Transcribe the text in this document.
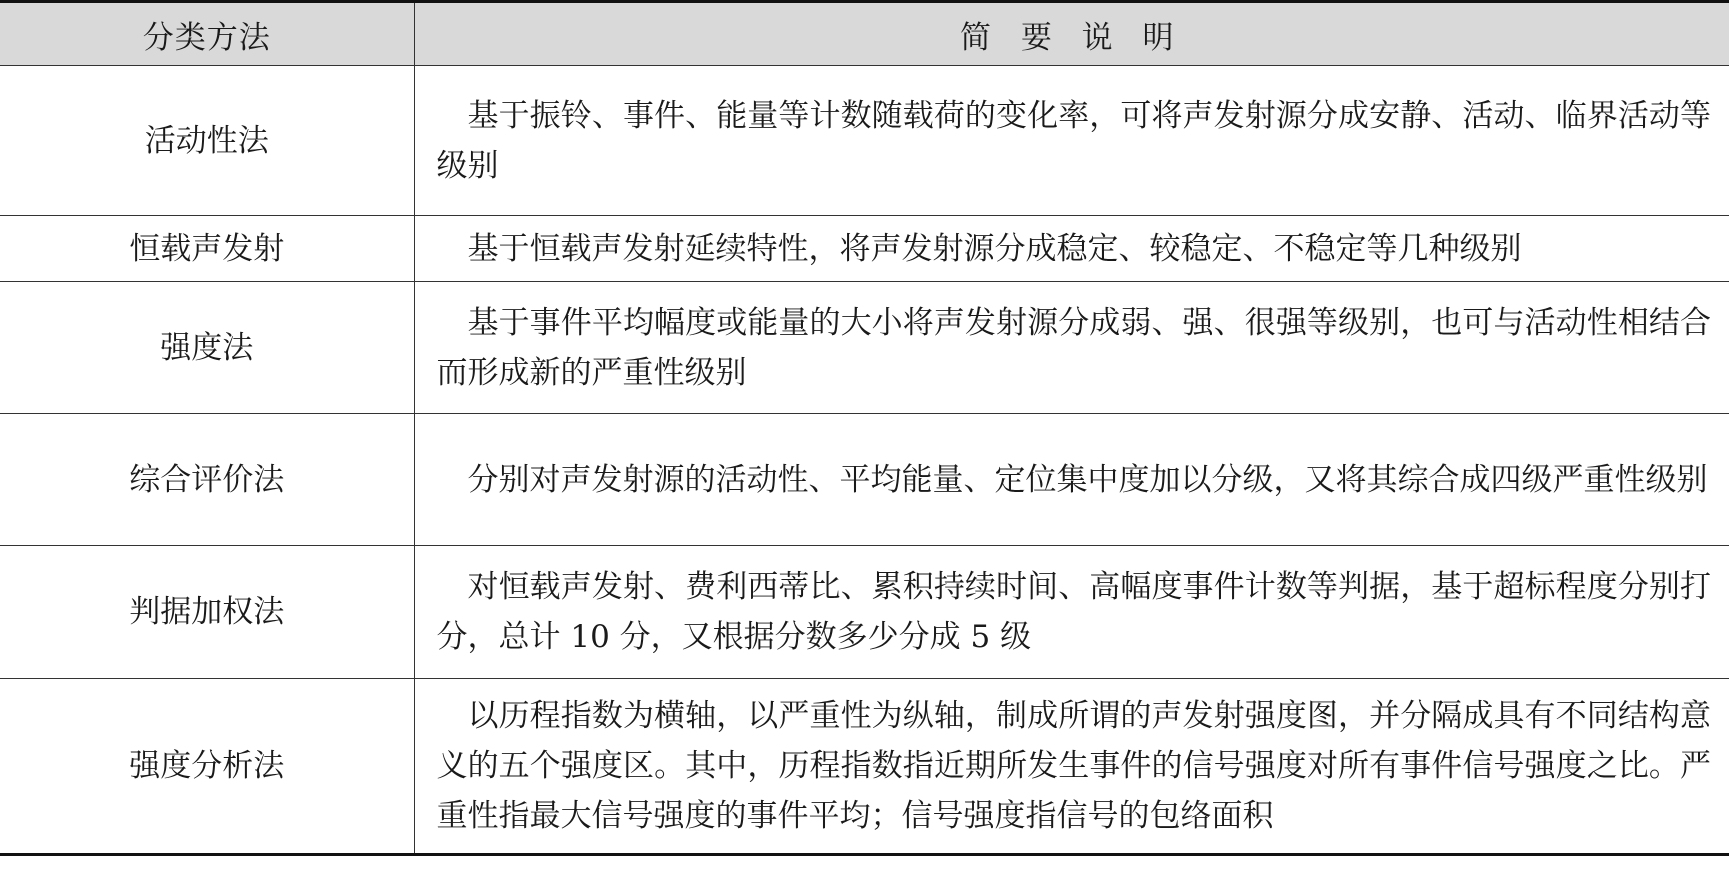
分类方法	简 要 说 明
活动性法	基于振铃、事件、能量等计数随载荷的变化率，可将声发射源分成安静、活动、临界活动等级别

恒载声发射	基于恒载声发射延续特性，将声发射源分成稳定、较稳定、不稳定等几种级别

强度法	基于事件平均幅度或能量的大小将声发射源分成弱、强、很强等级别，也可与活动性相结合而形成新的严重性级别

综合评价法	分别对声发射源的活动性、平均能量、定位集中度加以分级，又将其综合成四级严重性级别

判据加权法	对恒载声发射、费利西蒂比、累积持续时间、高幅度事件计数等判据，基于超标程度分别打分，总计 10 分，又根据分数多少分成 5 级

强度分析法	以历程指数为横轴，以严重性为纵轴，制成所谓的声发射强度图，并分隔成具有不同结构意义的五个强度区。其中，历程指数指近期所发生事件的信号强度对所有事件信号强度之比。严重性指最大信号强度的事件平均；信号强度指信号的包络面积
